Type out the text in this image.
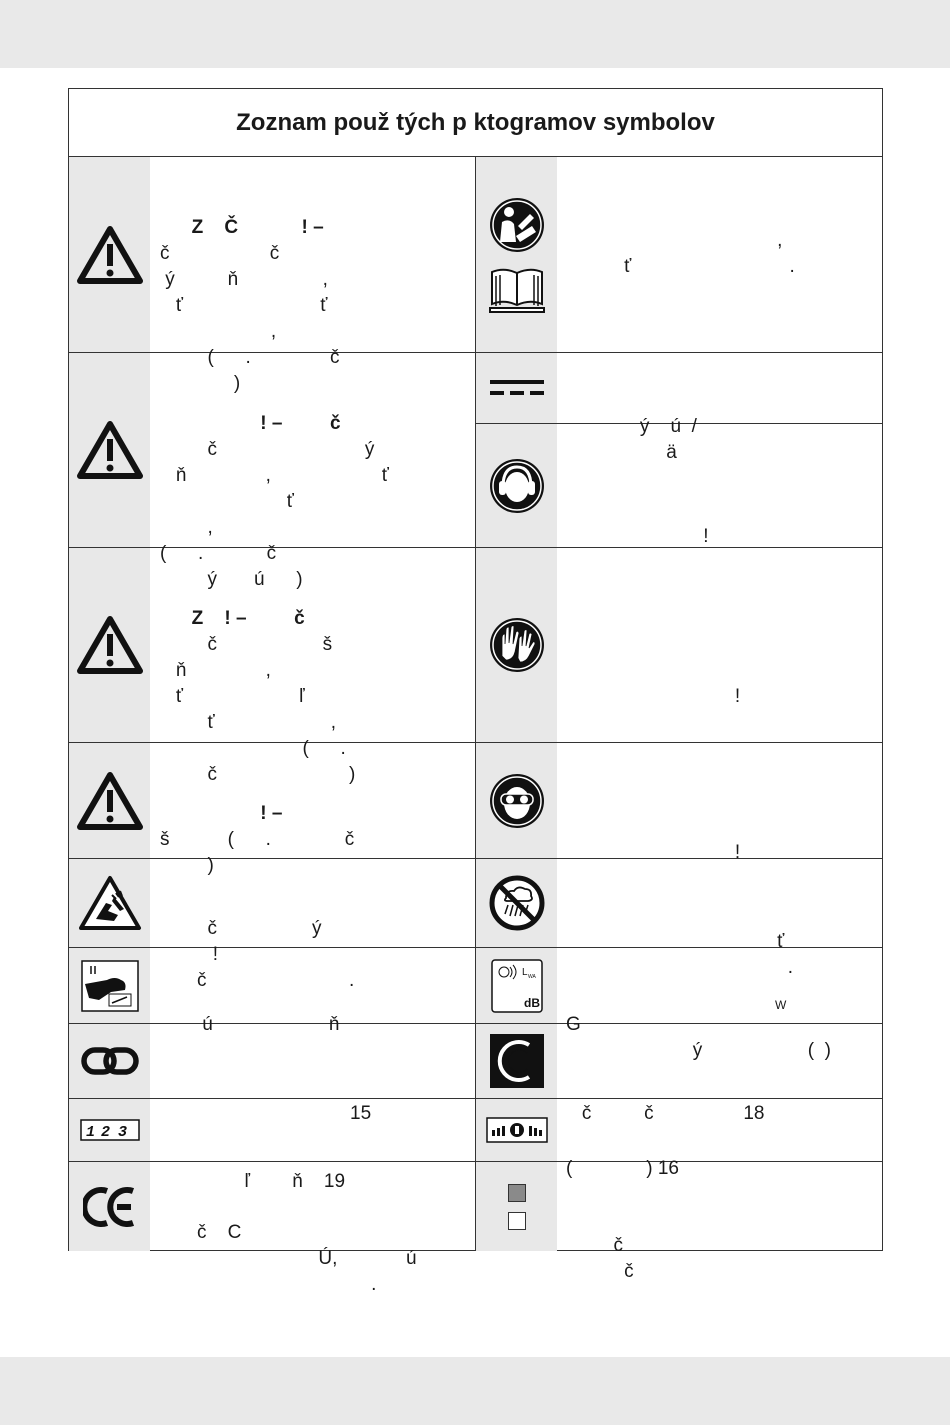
Zoznam použ tých p ktogramov symbolov
L WA
dB
1 2 3

Z    Č            ! –
č                   č
ý          ň                ,
ť                          ť
,
(      .               č
)

,
ť                              .

! –         č
č                            ý
ň               ,                     ť
ť
,
(      .            č
ý       ú      )

ý    ú  /
ä

!

Z    ! –         č
č                    š
ň               ,
ť                      ľ
ť                      ,
(      .
č                         )

!

! –
š           (      .              č
)

!

č                  ý
!
č                           .

ť
.

ú                      ň

	G
ý                    (  )

W

15

	č          č                 18

ľ        ň    19

(              ) 16

č    C
Ú,             ú
.

č
č
